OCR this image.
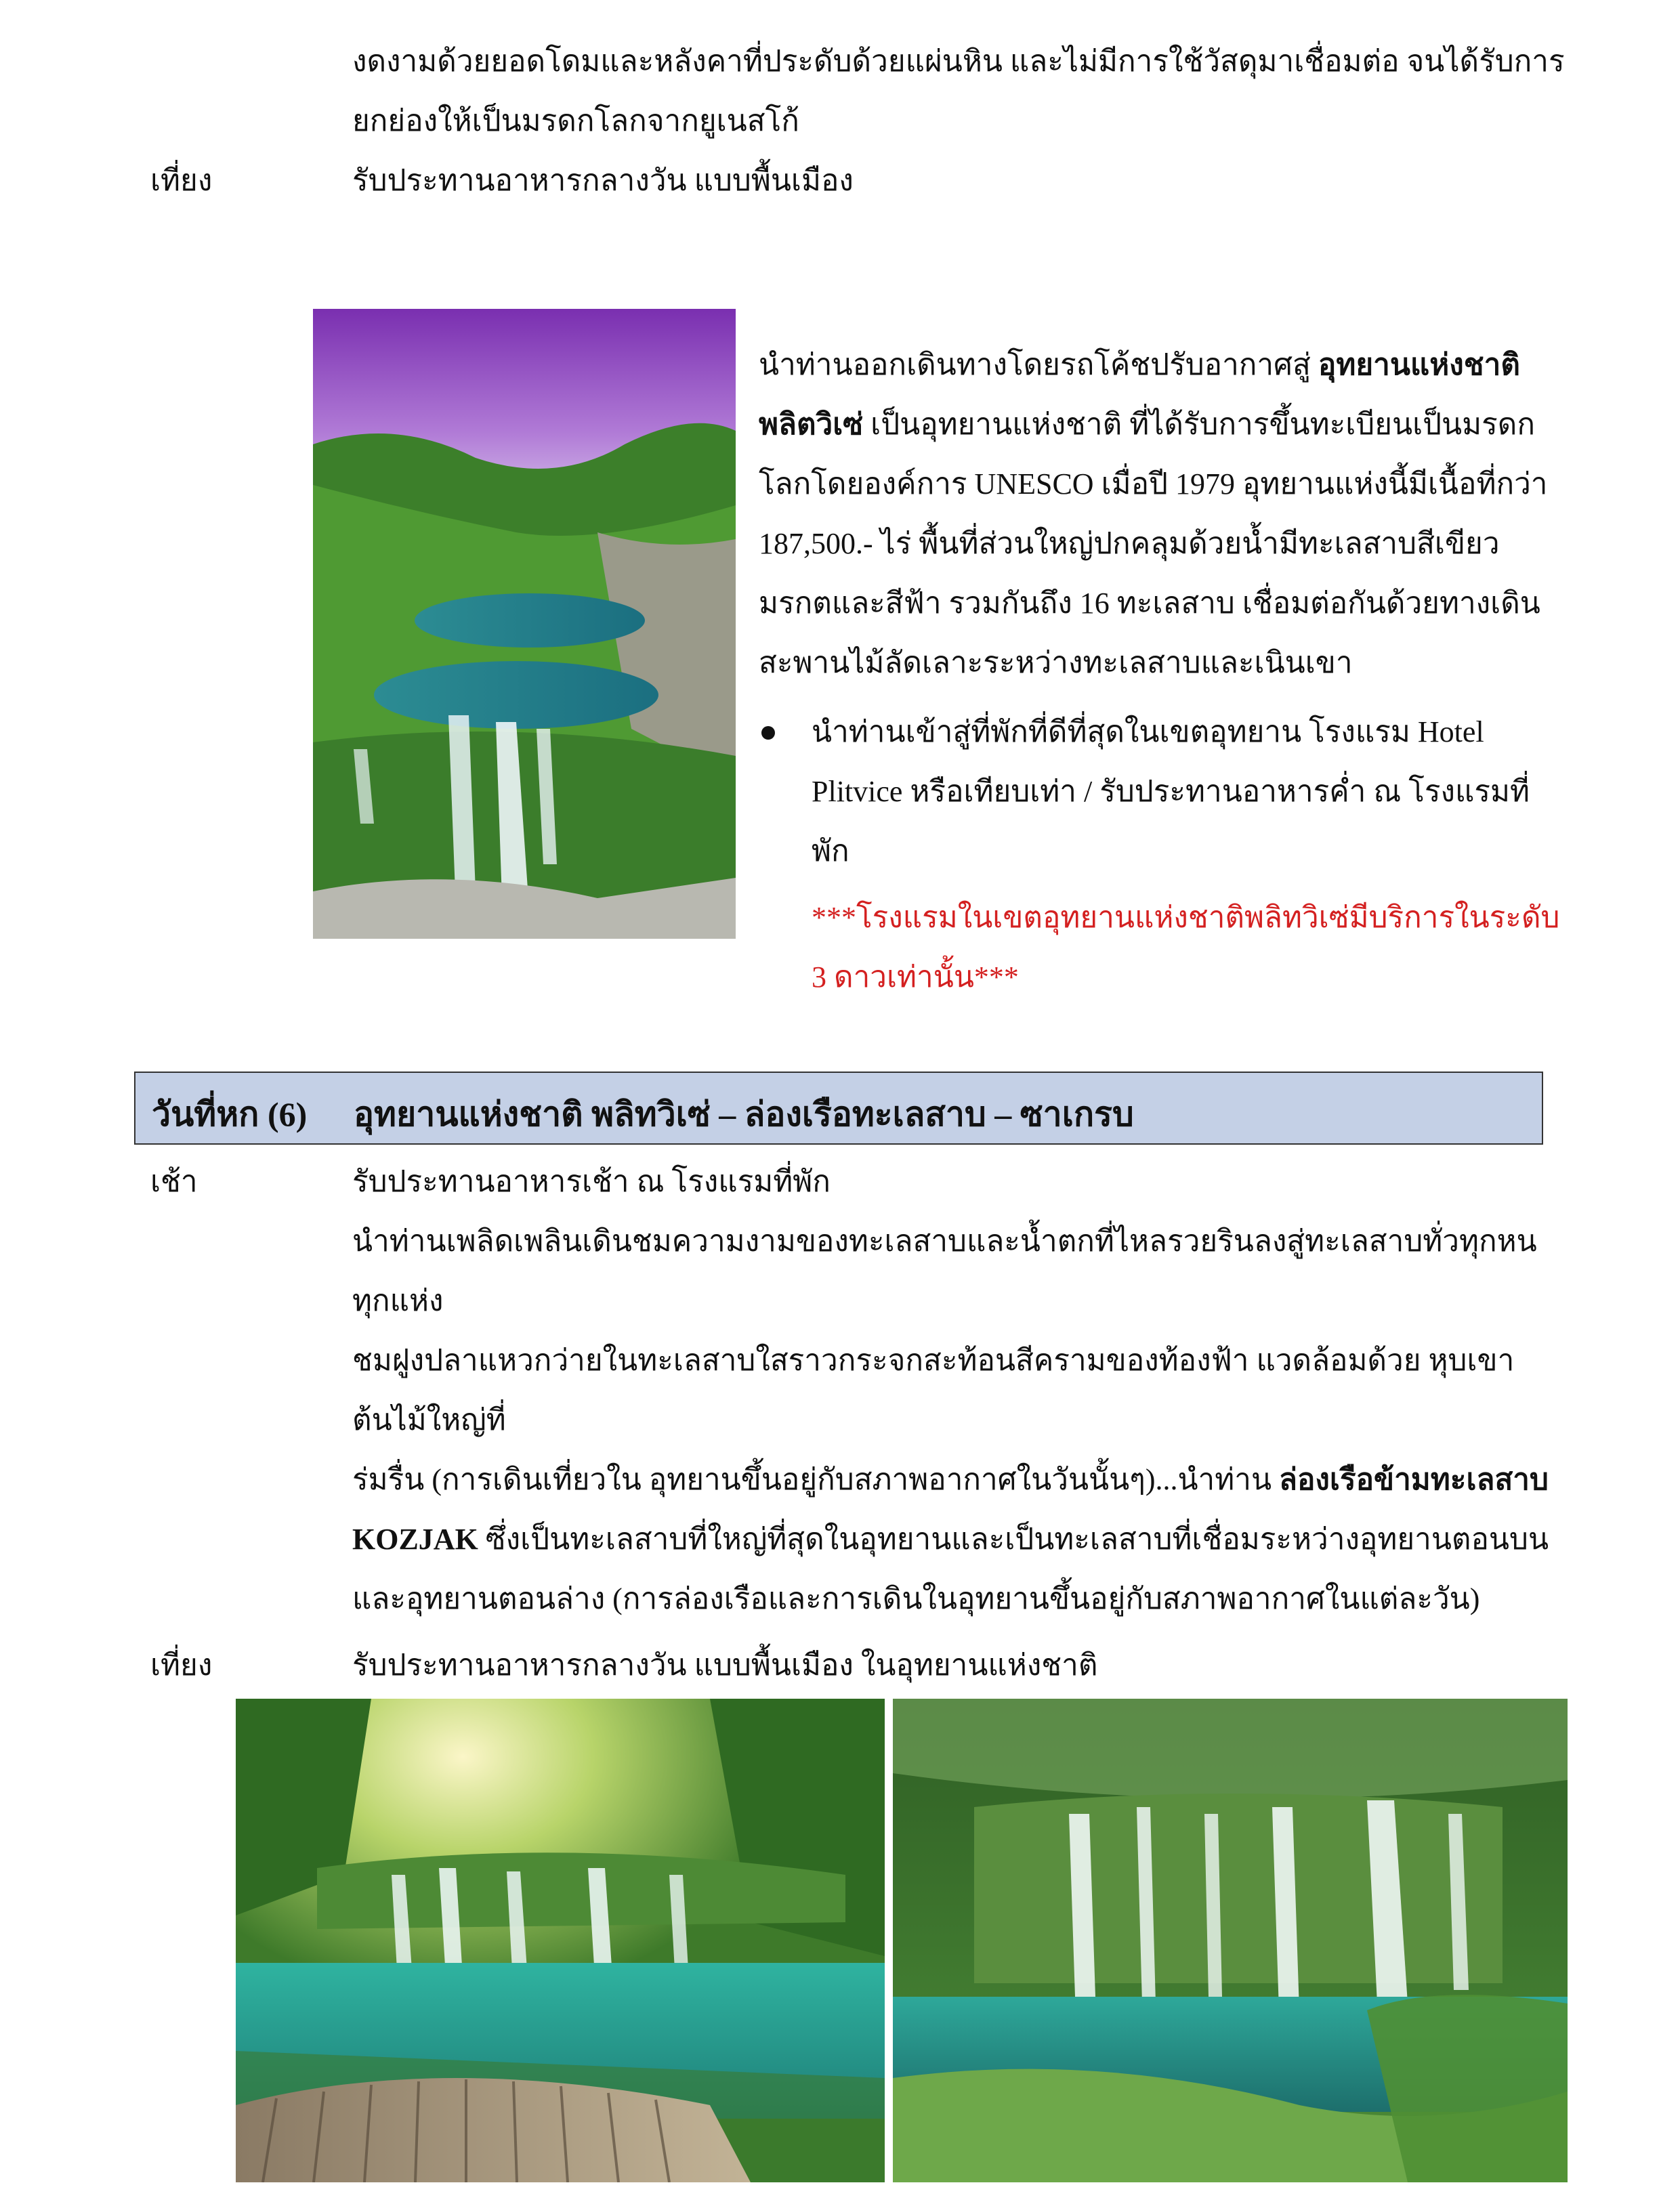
งดงามด้วยยอดโดมและหลังคาที่ประดับด้วยแผ่นหิน และไม่มีการใช้วัสดุมาเชื่อมต่อ จนได้รับการ
ยกย่องให้เป็นมรดกโลกจากยูเนสโก้
เที่ยง	รับประทานอาหารกลางวัน แบบพื้นเมือง
นำท่านออกเดินทางโดยรถโค้ชปรับอากาศสู่ อุทยานแห่งชาติ
พลิตวิเซ่ เป็นอุทยานแห่งชาติ ที่ได้รับการขึ้นทะเบียนเป็นมรดก
โลกโดยองค์การ UNESCO เมื่อปี 1979 อุทยานแห่งนี้มีเนื้อที่กว่า
187,500.- ไร่ พื้นที่ส่วนใหญ่ปกคลุมด้วยน้ำมีทะเลสาบสีเขียว
มรกตและสีฟ้า รวมกันถึง 16 ทะเลสาบ เชื่อมต่อกันด้วยทางเดิน
สะพานไม้ลัดเลาะระหว่างทะเลสาบและเนินเขา
นำท่านเข้าสู่ที่พักที่ดีที่สุดในเขตอุทยาน โรงแรม Hotel
Plitvice หรือเทียบเท่า / รับประทานอาหารค่ำ ณ โรงแรมที่
พัก
***โรงแรมในเขตอุทยานแห่งชาติพลิทวิเซ่มีบริการในระดับ
3 ดาวเท่านั้น***
วันที่หก (6) อุทยานแห่งชาติ พลิทวิเซ่ – ล่องเรือทะเลสาบ – ซาเกรบ
เช้า	รับประทานอาหารเช้า ณ โรงแรมที่พัก
นำท่านเพลิดเพลินเดินชมความงามของทะเลสาบและน้ำตกที่ไหลรวยรินลงสู่ทะเลสาบทั่วทุกหน
ทุกแห่ง
ชมฝูงปลาแหวกว่ายในทะเลสาบใสราวกระจกสะท้อนสีครามของท้องฟ้า แวดล้อมด้วย หุบเขา
ต้นไม้ใหญ่ที่
ร่มรื่น (การเดินเที่ยวใน อุทยานขึ้นอยู่กับสภาพอากาศในวันนั้นๆ)...นำท่าน ล่องเรือข้ามทะเลสาบ
KOZJAK ซึ่งเป็นทะเลสาบที่ใหญ่ที่สุดในอุทยานและเป็นทะเลสาบที่เชื่อมระหว่างอุทยานตอนบน
และอุทยานตอนล่าง (การล่องเรือและการเดินในอุทยานขึ้นอยู่กับสภาพอากาศในแต่ละวัน)
เที่ยง	รับประทานอาหารกลางวัน แบบพื้นเมือง ในอุทยานแห่งชาติ
